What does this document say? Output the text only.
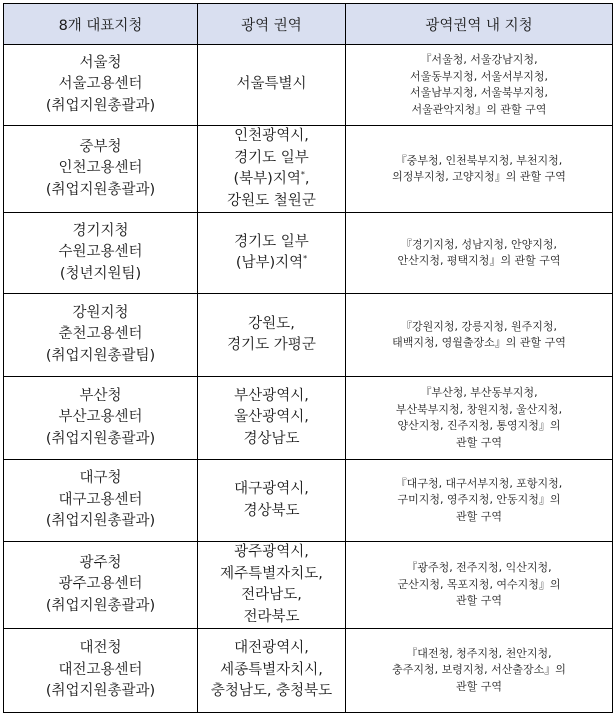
8개 대표지청	광역 권역	광역권역 내 지청

서울청
서울고용센터
(취업지원총괄과)	서울특별시	『서울청, 서울강남지청,
서울동부지청, 서울서부지청,
서울남부지청, 서울북부지청,
서울관악지청』의 관할 구역

중부청
인천고용센터
(취업지원총괄과)	인천광역시,
경기도 일부
(북부)지역*,
강원도 철원군	『중부청, 인천북부지청, 부천지청,
의정부지청, 고양지청』의 관할 구역

경기지청
수원고용센터
(청년지원팀)	경기도 일부
(남부)지역*	『경기지청, 성남지청, 안양지청,
안산지청, 평택지청』의 관할 구역

강원지청
춘천고용센터
(취업지원총괄팀)	강원도,
경기도 가평군	『강원지청, 강릉지청, 원주지청,
태백지청, 영월출장소』의 관할 구역

부산청
부산고용센터
(취업지원총괄과)	부산광역시,
울산광역시,
경상남도	『부산청, 부산동부지청,
부산북부지청, 창원지청, 울산지청,
양산지청, 진주지청, 통영지청』의
관할 구역

대구청
대구고용센터
(취업지원총괄과)	대구광역시,
경상북도	『대구청, 대구서부지청, 포항지청,
구미지청, 영주지청, 안동지청』의
관할 구역

광주청
광주고용센터
(취업지원총괄과)	광주광역시,
제주특별자치도,
전라남도,
전라북도	『광주청, 전주지청, 익산지청,
군산지청, 목포지청, 여수지청』의
관할 구역

대전청
대전고용센터
(취업지원총괄과)	대전광역시,
세종특별자치시,
충청남도, 충청북도	『대전청, 청주지청, 천안지청,
충주지청, 보령지청, 서산출장소』의
관할 구역
